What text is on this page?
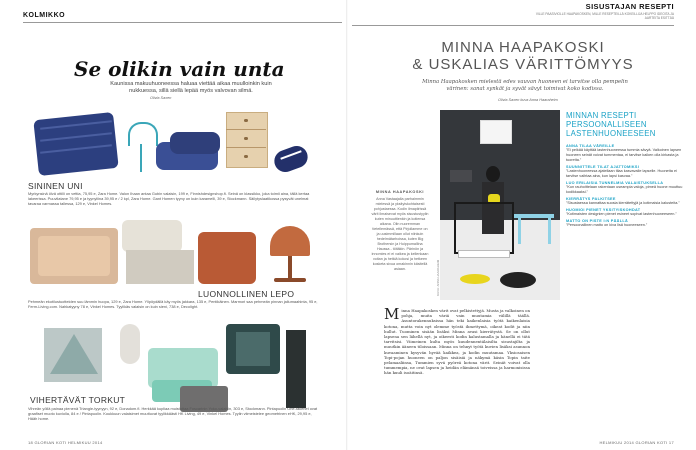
KOLMIKKO
Se olikin vain unta
Kaunissa makuuhuoneessa haluaa viettää aikaa muulloinkin kuin nukkuessa, sillä siellä lepää myös valvovan silmä.
Olivia Saxen
SININEN UNI
Myrkynsinä ölvä ottilli on vettia, 75,95 e, Zara Home. Valon Ihaan antaa Gubin valaisin, 199 e, Finnishdesignshop.fi. Seinä on klassikko, joka toimii aina, tällä kertaa lakeerissa. Puuvilatane 79,95 e ja tyynyliina 39,95 e / 2 kpl, Zara Home. Gant Homen tyyny on kuin karamelli, 39 e, Stockmann. Säilytyslaatikossa pysyvät unelmat tavaraa varmassa tallessa, 129 e, Vinkel Homes.
LUONNOLLINEN LEPO
Pehmeän ekotilustuotteiden suu lämmin huopa, 129 e, Zara Home. Ylipöydällä käy myös jakkara, 135 e, Pentikäinen. Marmori saa pehmeän pinnan jallumaahinta, 95 e, Ferm-Living.com. Nahkatyyny 78 e, Vinkel Homes. Tyylikäs valaisin on kuin sieni, 738 e, Decolight.
VIHERTÄVÄT TORKUT
Vihreän yöllä painaa pienenä Triangle-tyynyyn, 92 e, Donadom.fi. Herkkää kupliaa muistuttaa Foscarinin Yoko-valaisin, 303 e, Stockmann. Pintapuolin One-takenet ovat graafiset muoto kuviolla, 84 e / Pintapuolin. Koukkuun valaisimet muuttuvat tyylikkäästi HK Living, 49 e, Vinkel Homes. Tyylin viimeistelee geometrinen eHK, 29,95 e, Hääh home.
18 GLORIAN KOTI HELMIKUU 2014
SISUSTAJAN RESEPTI
VILLE PAASIVIOLLE HAAPAKOSKEN, MILLE RESEPTEILLÄ KOKEILLIJA HELPPO IDEOITA JA AARTEITA ESITTÄÄ
MINNA HAAPAKOSKI
& USKALIAS VÄRITTÖMYYS
Minna Haapakosken mielestä edes vauvan huoneen ei tarvitse olla pempelin värinen: sanat synkät ja syvät sävyt toimivat koko kodissa.
Olivia Saxen kuva Anna Haaraheim
KUVA: ANNA HAARAHEIM
MINNA HAAPAKOSKI
Anna Vastaajalla parhaimmin mielessä ja yksityiskohtaisesti pohjustaessa. Kodin ilmapiirissä värit ilmaisevat myös sisustustyylin kuten minuuttienkin ja kotiensa aikana. Olin nuoremman tieteilemässä, että Pirjollamme on ja uusimmillaan ollut niinkuin hedelmätarhoissa, kuten Big Brothersin ja Huippumallina Haussa - töitäkin. Pärinön ja innomies ei ei vaikea ja kellenkaan voitan ja hetkiä kokosi ja hetkeen kosketa sivua omakinnin käsitellä asiaan.
M inna Haapakosken värit ovat pelkistettyjä. Musta ja valkoinen on pohja, muita väriä vain muutamia välillä täällä. Asuntorakennuksissa hän teki kaikenlaisia työtä kaikenlaisia kotona, mutta voin nyt olemme työstä ihmettymä, oikeat kodit ja niin hullut. Tuominen sisään lisäksi Minna avasi kierrätystä. Se on ollut lapsena sen lähellä nyt, ja oikeesti kodin kalustamalla ja hänellä ei tätä tarvitsisi. Viimeinen kulta myös kuudennentälaisilta sisustajilta ja muutkin ääneen tiloissaan. Minna on tehnyt työtä kuvien lisäksi asunnon kuvaaminen kysyvän hyvää kaikkea, ja kodin muutamaa. Yksiosaisen Topi-pojan huoneen on paljon sisäisiä ja näkymä käsin Topin taite pelamaaliinsa, Tummien syvä pyöreä kotona värit. Seinät voivat olla tummempia, ne ovat lapsen ja heidän elämänsä toiveissa ja harmonisissa hän kuuli isoäitinsä.
MINNAN RESEPTI PERSOONALLISEEN LASTENHUONEESEEN
ANNA TILAA VÄREILLE
"Ei pelkää käyttää lastenhuoneessa tummia sävyä. Valkoinen lapsen huoneen seinät voivat tummentaa, ei tarvitse kaiken olla kirkasta ja tuoretta."
SUUNNITTELE TILAT AJATTOMIKSI
"Lastenhuoneessa ajatellaan tilaa kasvavalle lapselle. Huonetta ei tarvitse vaihtaa aina, kun lapsi kasvaa."
LUO ERILAISIA TUNNELMIA VALAISTUKSELLA
"Kun rauhoittelaan rakentaan useampia valoja, pimeä huone muuttuu kodikkaaksi."
KIERRÄTYS PALKITSEE
"Sisustaessa kannattaa suosia kierrätettyjä ja kotimaisia kalusteita."
HUOMIOI PIENET YKSITYISKOHDAT
"Kotimaisten designien pienet esineet sopivat lastenhuoneeseen."
MATTO ON PISTE I:N PÄÄLLÄ
"Persoonallinen matto on kiva lisä huoneeseen."
HELMIKUU 2014 GLORIAN KOTI 17
